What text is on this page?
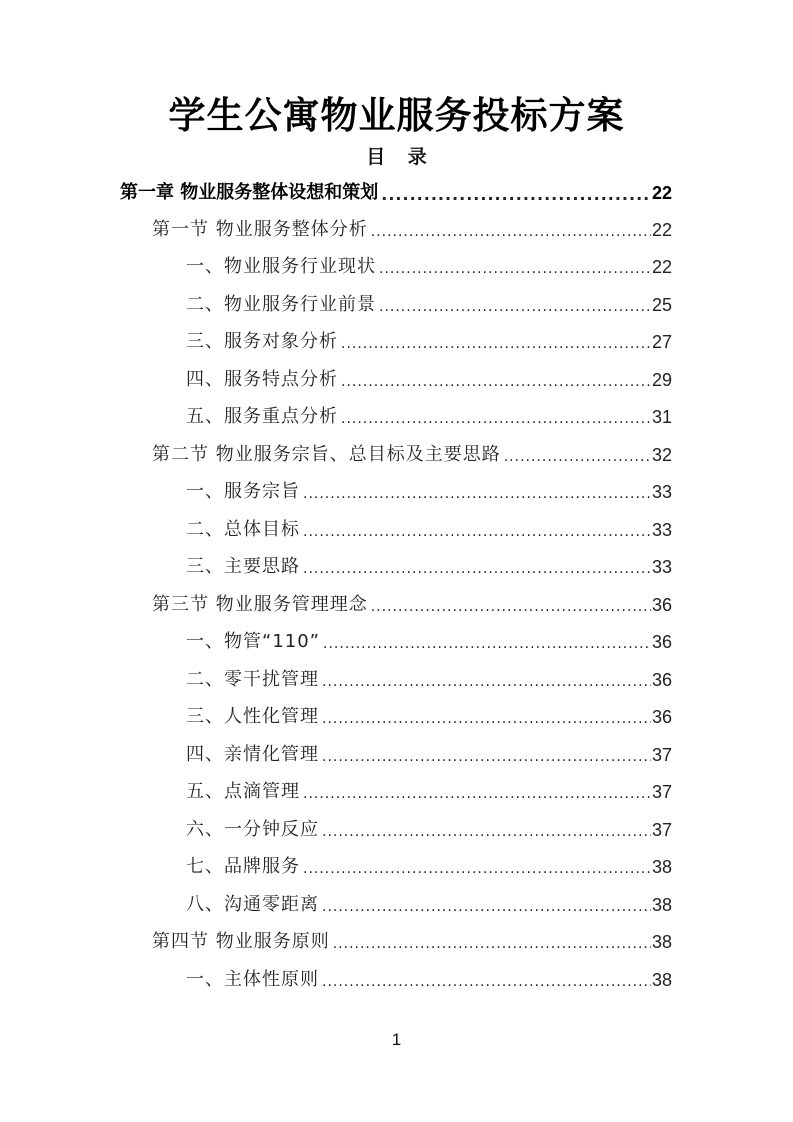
学生公寓物业服务投标方案
目 录
第一章 物业服务整体设想和策划 .....	22
第一节 物业服务整体分析 .....	22
一、物业服务行业现状 .....	22
二、物业服务行业前景 .....	25
三、服务对象分析 .....	27
四、服务特点分析 .....	29
五、服务重点分析 .....	31
第二节 物业服务宗旨、总目标及主要思路 .....	32
一、服务宗旨 .....	33
二、总体目标 .....	33
三、主要思路 .....	33
第三节 物业服务管理理念 .....	36
一、物管“110” .....	36
二、零干扰管理 .....	36
三、人性化管理 .....	36
四、亲情化管理 .....	37
五、点滴管理 .....	37
六、一分钟反应 .....	37
七、品牌服务 .....	38
八、沟通零距离 .....	38
第四节 物业服务原则 .....	38
一、主体性原则 .....	38
1
